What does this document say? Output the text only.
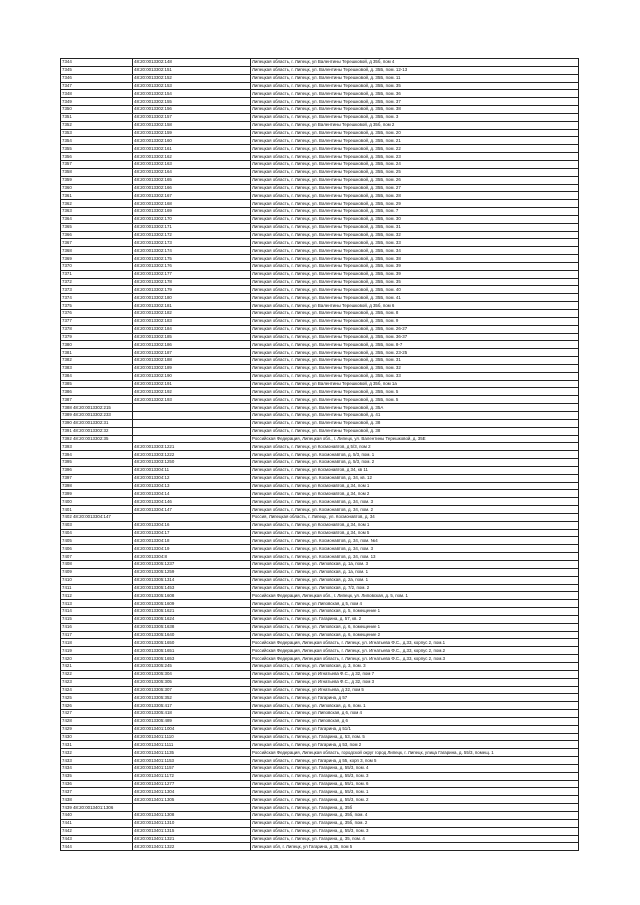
7344	48:20:0013302:148	Липецкая область, г. Липецк, ул Валентины Терешковой, д 35б, пом 4
7345	48:20:0013302:151	Липецкая область, г. Липецк, ул. Валентины Терешковой, д. 35Б, пом. 12-13
7346	48:20:0013302:152	Липецкая область, г. Липецк, ул. Валентины Терешковой, д. 35Б, пом. 11
7347	48:20:0013302:153	Липецкая область, г. Липецк, ул. Валентины Терешковой, д. 35Б, пом. 35
7348	48:20:0013302:154	Липецкая область, г. Липецк, ул. Валентины Терешковой, д. 35Б, пом. 36
7349	48:20:0013302:155	Липецкая область, г. Липецк, ул. Валентины Терешковой, д. 35Б, пом. 37
7350	48:20:0013302:156	Липецкая область, г. Липецк, ул. Валентины Терешковой, д. 35Б, пом. 38
7351	48:20:0013302:157	Липецкая область, г. Липецк, ул. Валентины Терешковой, д. 35Б, пом. 3
7352	48:20:0013302:158	Липецкая область, г. Липецк, ул Валентины Терешковой, д 35б, пом 2
7353	48:20:0013302:159	Липецкая область, г. Липецк, ул. Валентины Терешковой, д. 35Б, пом. 20
7354	48:20:0013302:160	Липецкая область, г. Липецк, ул. Валентины Терешковой, д. 35Б, пом. 21
7355	48:20:0013302:161	Липецкая область, г. Липецк, ул. Валентины Терешковой, д. 35Б, пом. 22
7356	48:20:0013302:162	Липецкая область, г. Липецк, ул. Валентины Терешковой, д. 35Б, пом. 23
7357	48:20:0013302:163	Липецкая область, г. Липецк, ул. Валентины Терешковой, д. 35Б, пом. 24
7358	48:20:0013302:164	Липецкая область, г. Липецк, ул. Валентины Терешковой, д. 35Б, пом. 25
7359	48:20:0013302:165	Липецкая область, г. Липецк, ул. Валентины Терешковой, д. 35Б, пом. 26
7360	48:20:0013302:166	Липецкая область, г. Липецк, ул. Валентины Терешковой, д. 35Б, пом. 27
7361	48:20:0013302:167	Липецкая область, г. Липецк, ул. Валентины Терешковой, д. 35Б, пом. 28
7362	48:20:0013302:168	Липецкая область, г. Липецк, ул. Валентины Терешковой, д. 35Б, пом. 29
7363	48:20:0013302:169	Липецкая область, г. Липецк, ул. Валентины Терешковой, д. 35Б, пом. 7
7364	48:20:0013302:170	Липецкая область, г. Липецк, ул. Валентины Терешковой, д. 35Б, пом. 30
7365	48:20:0013302:171	Липецкая область, г. Липецк, ул. Валентины Терешковой, д. 35Б, пом. 31
7366	48:20:0013302:172	Липецкая область, г. Липецк, ул. Валентины Терешковой, д. 35Б, пом. 32
7367	48:20:0013302:173	Липецкая область, г. Липецк, ул. Валентины Терешковой, д. 35Б, пом. 33
7368	48:20:0013302:174	Липецкая область, г. Липецк, ул. Валентины Терешковой, д. 35Б, пом. 34
7369	48:20:0013302:175	Липецкая область, г. Липецк, ул. Валентины Терешковой, д. 35Б, пом. 38
7370	48:20:0013302:176	Липецкая область, г. Липецк, ул. Валентины Терешковой, д. 35Б, пом. 39
7371	48:20:0013302:177	Липецкая область, г. Липецк, ул. Валентины Терешковой, д. 35Б, пом. 39
7372	48:20:0013302:178	Липецкая область, г. Липецк, ул. Валентины Терешковой, д. 35Б, пом. 35
7373	48:20:0013302:179	Липецкая область, г. Липецк, ул. Валентины Терешковой, д. 35Б, пом. 40
7374	48:20:0013302:180	Липецкая область, г. Липецк, ул. Валентины Терешковой, д. 35Б, пом. 41
7375	48:20:0013302:181	Липецкая область, г. Липецк, ул Валентины Терешковой, д 35б, пом 6
7376	48:20:0013302:182	Липецкая область, г. Липецк, ул. Валентины Терешковой, д. 35Б, пом. 8
7377	48:20:0013302:183	Липецкая область, г. Липецк, ул. Валентины Терешковой, д. 35Б, пом. 9
7378	48:20:0013302:184	Липецкая область, г. Липецк, ул. Валентины Терешковой, д. 35Б, пом. 26-27
7379	48:20:0013302:185	Липецкая область, г. Липецк, ул. Валентины Терешковой, д. 35Б, пом. 36-37
7380	48:20:0013302:186	Липецкая область, г. Липецк, ул. Валентины Терешковой, д. 35Б, пом. 8-7
7381	48:20:0013302:187	Липецкая область, г. Липецк, ул. Валентины Терешковой, д. 35Б, пом. 23-25
7382	48:20:0013302:188	Липецкая область, г. Липецк, ул. Валентины Терешковой, д. 35Б, пом. 31
7383	48:20:0013302:189	Липецкая область, г. Липецк, ул. Валентины Терешковой, д. 35Б, пом. 32
7384	48:20:0013302:190	Липецкая область, г. Липецк, ул. Валентины Терешковой, д. 35Б, пом. 33
7385	48:20:0013302:191	Липецкая область, г. Липецк, ул Валентины Терешковой, д 35б, пом 1а
7386	48:20:0013302:192	Липецкая область, г. Липецк, ул. Валентины Терешковой, д. 35Б, пом. 5
7387	48:20:0013302:193	Липецкая область, г. Липецк, ул. Валентины Терешковой, д. 35Б, пом. 5
7388 48:20:0013302:215		Липецкая область, г. Липецк, ул. Валентины Терешковой, д. 35А
7389 48:20:0013302:233		Липецкая область, г. Липецк, ул. Валентины Терешковой, д. 41
7390 48:20:0013302:31		Липецкая область, г. Липецк, ул. Валентины Терешковой, д. 38
7391 48:20:0013302:32		Липецкая область, г. Липецк, ул. Валентины Терешковой, д. 38
7392 48:20:0013302:35		Российская Федерация, Липецкая обл., г. Липецк, ул. Валентины Терешковой, д. 35Е
7393	48:20:0013303:1221	Липецкая область, г. Липецк, ул Космонавтов, д 5/3, пом 2
7394	48:20:0013303:1222	Липецкая область, г. Липецк, ул. Космонавтов, д. 5/3, пом. 1
7395	48:20:0013303:1250	Липецкая область, г. Липецк, ул. Космонавтов, д. 5/3, пом. 2
7396	48:20:0013304:11	Липецкая область, г. Липецк, ул Космонавтов, д 34, кв 11
7397	48:20:0013304:12	Липецкая область, г. Липецк, ул. Космонавтов, д. 34, кв. 12
7398	48:20:0013304:13	Липецкая область, г. Липецк, ул Космонавтов, д 34, пом 1
7399	48:20:0013304:14	Липецкая область, г. Липецк, ул Космонавтов, д 34, пом 2
7400	48:20:0013304:146	Липецкая область, г. Липецк, ул. Космонавтов, д. 34, пом. 3
7401	48:20:0013304:147	Липецкая область, г. Липецк, ул. Космонавтов, д. 34, пом. 2
7402 48:20:0013304:147		Россия, Липецкая область, г. Липецк, ул. Космонавтов, д. 34
7403	48:20:0013304:16	Липецкая область, г. Липецк, ул Космонавтов, д 34, пом 1
7404	48:20:0013304:17	Липецкая область, г. Липецк, ул Космонавтов, д 34, пом 5
7405	48:20:0013304:18	Липецкая область, г. Липецк, ул. Космонавтов, д. 34, пом. №4
7406	48:20:0013304:19	Липецкая область, г. Липецк, ул. Космонавтов, д. 34, пом. 3
7407	48:20:0013304:8	Липецкая область, г. Липецк, ул. Космонавтов, д. 34, пом. 13
7408	48:20:0013305:1237	Липецкая область, г. Липецк, ул. Липовская, д. 1а, пом. 3
7409	48:20:0013305:1259	Липецкая область, г. Липецк, ул. Липовская, д. 1а, пом. 1
7410	48:20:0013305:1314	Липецкая область, г. Липецк, ул. Липовская, д. 2а, пом. 1
7411	48:20:0013305:1453	Липецкая область, г. Липецк, ул. Липовская, д. 7/2, пом. 2
7412	48:20:0013305:1608	Российская Федерация, Липецкая обл., г. Липецк, ул. Липовская, д. 5, пом. 1
7413	48:20:0013305:1609	Липецкая область, г. Липецк, ул Липовская, д 5, пом 4
7414	48:20:0013305:1621	Липецкая область, г. Липецк, ул. Липовская, д. 5, помещение 1
7415	48:20:0013305:1624	Липецкая область, г. Липецк, ул. Гагарина, д. 57, кв. 2
7416	48:20:0013305:1638	Липецкая область, г. Липецк, ул. Липовская, д. 6, помещение 1
7417	48:20:0013305:1640	Липецкая область, г. Липецк, ул. Липовская, д. 6, помещение 2
7418	48:20:0013305:1650	Российская Федерация, Липецкая область, г. Липецк, ул. Игнатьева Ф.С., д.33, корпус 2, пом.1
7419	48:20:0013305:1651	Российская Федерация, Липецкая область, г. Липецк, ул. Игнатьева Ф.С., д.33, корпус 2, пом.2
7420	48:20:0013305:1653	Российская Федерация, Липецкая область, г. Липецк, ул. Игнатьева Ф.С., д.33, корпус 2, пом.3
7421	48:20:0013305:245	Липецкая область, г. Липецк, ул. Липовская, д. 3, пом. 3
7422	48:20:0013305:304	Липецкая область, г. Липецк, ул Игнатьева Ф.С., д 32, пом 7
7423	48:20:0013305:305	Липецкая область, г. Липецк, ул Игнатьева Ф.С., д 32, пом 3
7424	48:20:0013305:307	Липецкая область, г. Липецк, ул Игнатьева, д 32, пом 5
7425	48:20:0013305:352	Липецкая область, г. Липецк, ул Гагарина, д 57
7426	48:20:0013305:417	Липецкая область, г. Липецк, ул. Липовская, д. 6, пом. 1
7427	48:20:0013305:418	Липецкая область, г. Липецк, ул Липовская, д 6, пом 4
7428	48:20:0013305:489	Липецкая область, г. Липецк, ул Липовская, д 6
7429	48:20:0013401:1004	Липецкая область, г. Липецк, ул Гагарина, д 51/1
7430	48:20:0013401:1110	Липецкая область, г. Липецк, ул. Гагарина, д. 53, пом. 5
7431	48:20:0013401:1111	Липецкая область, г. Липецк, ул Гагарина, д 53, пом 2
7432	48:20:0013401:1135	Российская Федерация, Липецкая область, городской округ город Липецк, г. Липецк, улица Гагарина, д. 55/3, помещ. 1
7433	48:20:0013401:1153	Липецкая область, г. Липецк, ул Гагарина, д 55, корп 3, пом 5
7434	48:20:0013401:1157	Липецкая область, г. Липецк, ул. Гагарина, д. 55/3, пом. 4
7435	48:20:0013401:1172	Липецкая область, г. Липецк, ул. Гагарина, д. 55/3, пом. 3
7436	48:20:0013401:1277	Липецкая область, г. Липецк, ул. Гагарина, д. 55/1, пом. 6
7437	48:20:0013401:1304	Липецкая область, г. Липецк, ул. Гагарина, д. 55/3, пом. 1
7438	48:20:0013401:1305	Липецкая область, г. Липецк, ул. Гагарина, д. 55/3, пом. 2
7439 48:20:0013401:1306		Липецкая область, г. Липецк, ул. Гагарина, д. 35б
7440	48:20:0013401:1308	Липецкая область, г. Липецк, ул. Гагарина, д. 35б, пом. 4
7441	48:20:0013401:1310	Липецкая область, г. Липецк, ул. Гагарина, д. 35б, пом. 2
7442	48:20:0013401:1315	Липецкая область, г. Липецк, ул. Гагарина, д. 55/3, пом. 3
7443	48:20:0013401:1321	Липецкая область, г. Липецк, ул. Гагарина, д. 35, пом. 4
7444	48:20:0013401:1322	Липецкая обл, г. Липецк, ул Гагарина, д 35, пом 5
